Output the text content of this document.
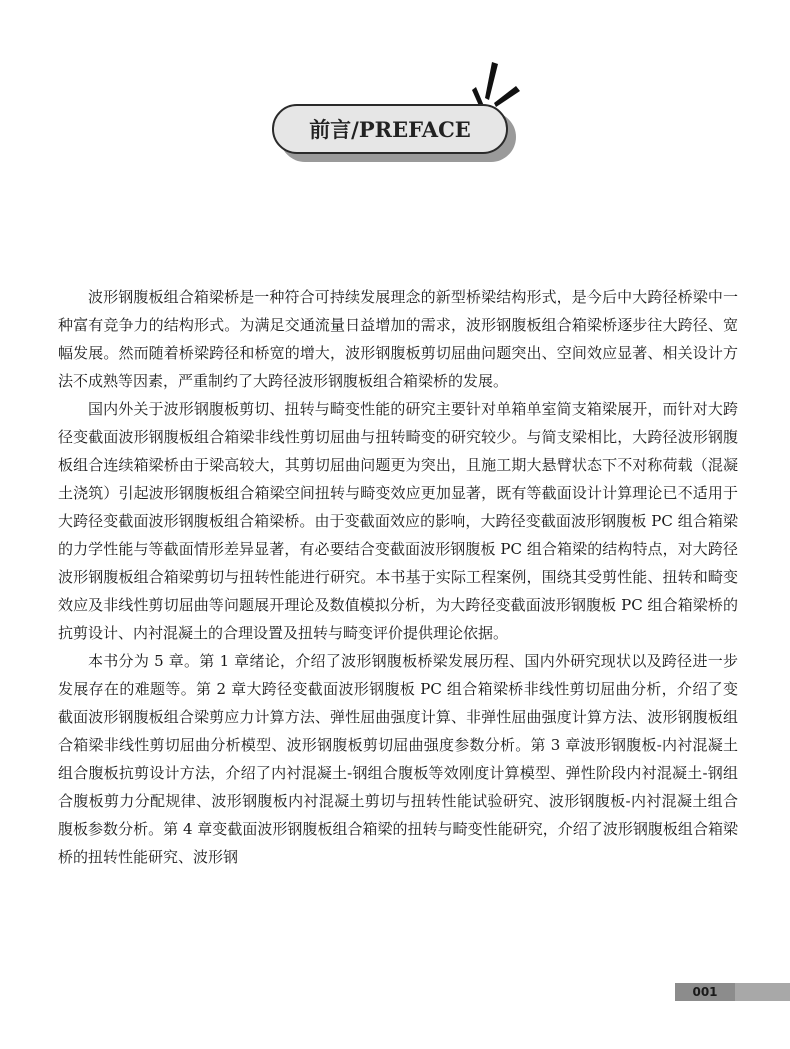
前言/PREFACE

波形钢腹板组合箱梁桥是一种符合可持续发展理念的新型桥梁结构形式，是今后中大跨径桥梁中一种富有竞争力的结构形式。为满足交通流量日益增加的需求，波形钢腹板组合箱梁桥逐步往大跨径、宽幅发展。然而随着桥梁跨径和桥宽的增大，波形钢腹板剪切屈曲问题突出、空间效应显著、相关设计方法不成熟等因素，严重制约了大跨径波形钢腹板组合箱梁桥的发展。

国内外关于波形钢腹板剪切、扭转与畸变性能的研究主要针对单箱单室简支箱梁展开，而针对大跨径变截面波形钢腹板组合箱梁非线性剪切屈曲与扭转畸变的研究较少。与简支梁相比，大跨径波形钢腹板组合连续箱梁桥由于梁高较大，其剪切屈曲问题更为突出，且施工期大悬臂状态下不对称荷载（混凝土浇筑）引起波形钢腹板组合箱梁空间扭转与畸变效应更加显著，既有等截面设计计算理论已不适用于大跨径变截面波形钢腹板组合箱梁桥。由于变截面效应的影响，大跨径变截面波形钢腹板 PC 组合箱梁的力学性能与等截面情形差异显著，有必要结合变截面波形钢腹板 PC 组合箱梁的结构特点，对大跨径波形钢腹板组合箱梁剪切与扭转性能进行研究。本书基于实际工程案例，围绕其受剪性能、扭转和畸变效应及非线性剪切屈曲等问题展开理论及数值模拟分析，为大跨径变截面波形钢腹板 PC 组合箱梁桥的抗剪设计、内衬混凝土的合理设置及扭转与畸变评价提供理论依据。

本书分为 5 章。第 1 章绪论，介绍了波形钢腹板桥梁发展历程、国内外研究现状以及跨径进一步发展存在的难题等。第 2 章大跨径变截面波形钢腹板 PC 组合箱梁桥非线性剪切屈曲分析，介绍了变截面波形钢腹板组合梁剪应力计算方法、弹性屈曲强度计算、非弹性屈曲强度计算方法、波形钢腹板组合箱梁非线性剪切屈曲分析模型、波形钢腹板剪切屈曲强度参数分析。第 3 章波形钢腹板-内衬混凝土组合腹板抗剪设计方法，介绍了内衬混凝土-钢组合腹板等效刚度计算模型、弹性阶段内衬混凝土-钢组合腹板剪力分配规律、波形钢腹板内衬混凝土剪切与扭转性能试验研究、波形钢腹板-内衬混凝土组合腹板参数分析。第 4 章变截面波形钢腹板组合箱梁的扭转与畸变性能研究，介绍了波形钢腹板组合箱梁桥的扭转性能研究、波形钢

001
